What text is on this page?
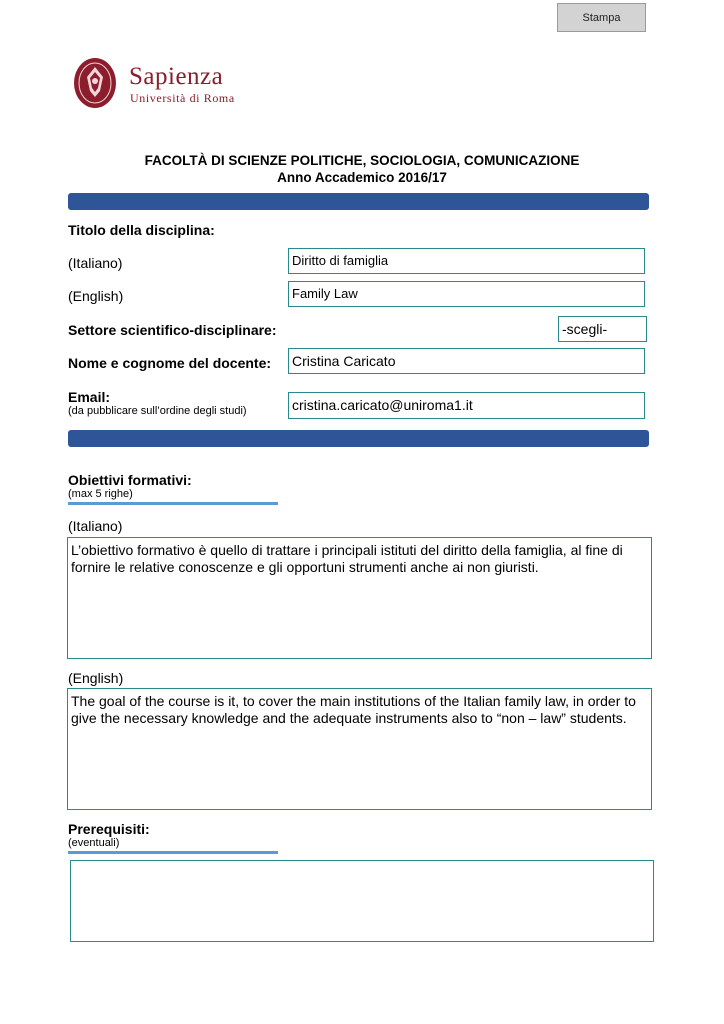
Stampa
Sapienza
Università di Roma
FACOLTÀ DI SCIENZE POLITICHE, SOCIOLOGIA, COMUNICAZIONE
Anno Accademico 2016/17
Titolo della disciplina:
(Italiano)	Diritto di famiglia
(English)	Family Law
Settore scientifico-disciplinare:	-scegli-
Nome e cognome del docente: Cristina Caricato
Email:
(da pubblicare sull’ordine degli studi)	cristina.caricato@uniroma1.it
Obiettivi formativi:
(max 5 righe)
(Italiano)
L’obiettivo formativo è quello di trattare i principali istituti del diritto della famiglia, al fine di fornire le relative conoscenze e gli opportuni strumenti anche ai non giuristi.
(English)
The goal of the course is it, to cover the main institutions of the Italian family law, in order to give the necessary knowledge and the adequate instruments also to “non – law” students.
Prerequisiti:
(eventuali)
